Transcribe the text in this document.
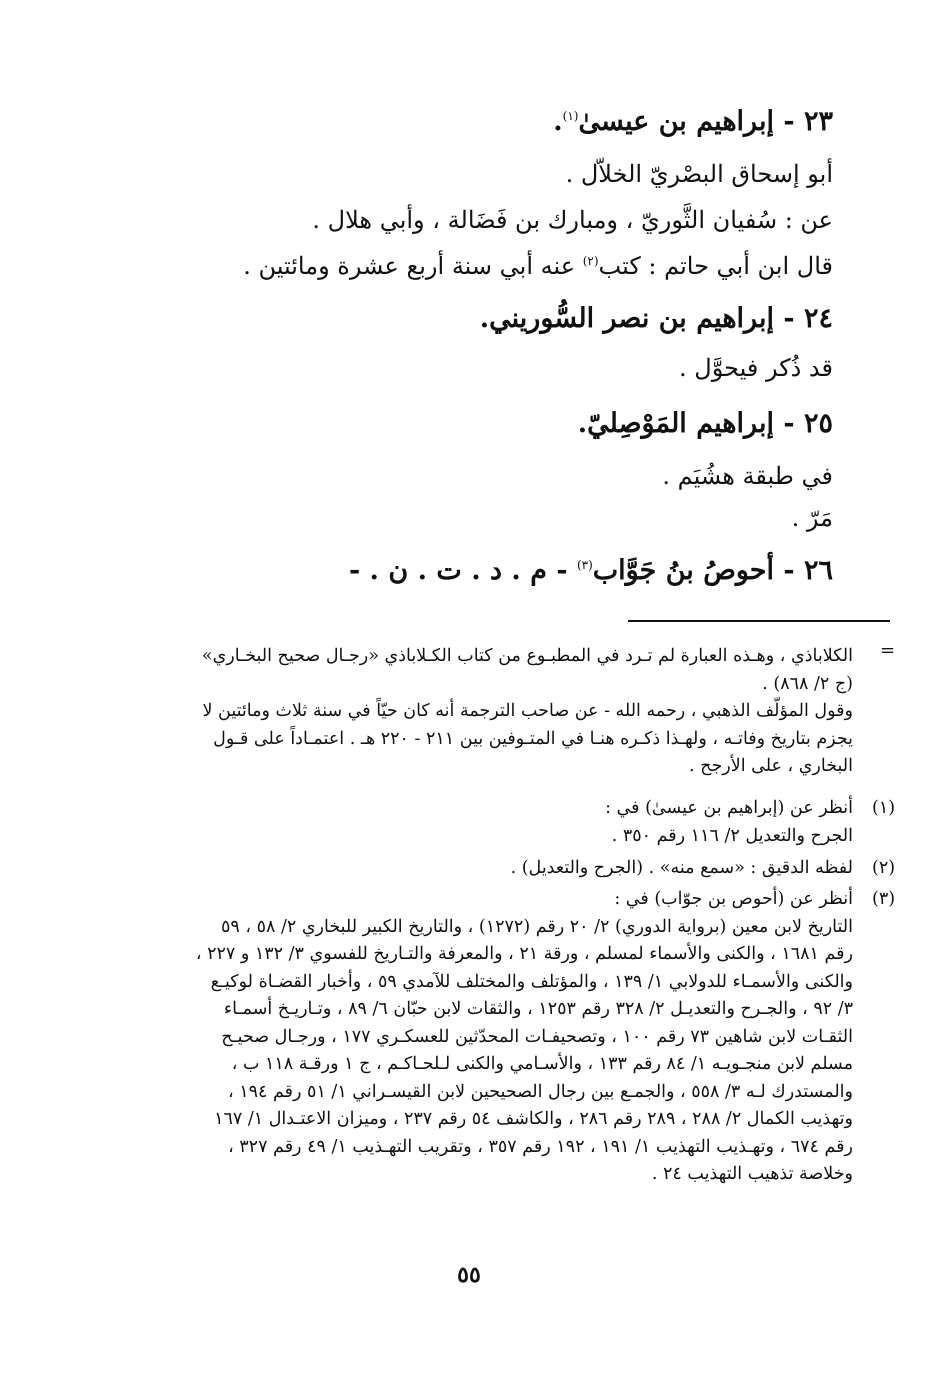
٢٣ - إبراهيم بن عيسىٰ$^{(١)}$.
أبو إسحاق البصْريّ الخلاّل .
عن : سُفيان الثَّوريّ ، ومبارك بن فَضَالة ، وأبي هلال .
قال ابن أبي حاتم : كتب$^{(٢)}$ عنه أبي سنة أربع عشرة ومائتين .
٢٤ - إبراهيم بن نصر السُّوريني.
قد ذُكر فيحوَّل .
٢٥ - إبراهيم المَوْصِليّ.
في طبقة هشُيَم .
مَرّ .
٢٦ - أحوصُ بنُ جَوَّاب$^{(٣)}$ - م . د . ت . ن . -
=
الكلاباذي ، وهـذه العبارة لم تـرد في المطبـوع من كتاب الكـلاباذي «رجـال صحيح البخـاري»
(ج ٢/ ٨٦٨) .
وقول المؤلّف الذهبي ، رحمه الله - عن صاحب الترجمة أنه كان حيّاً في سنة ثلاث ومائتين لا
يجزم بتاريخ وفاتـه ، ولهـذا ذكـره هنـا في المتـوفين بين ٢١١ - ٢٢٠ هـ . اعتمـاداً على قـول
البخاري ، على الأرجح .
(١)
أنظر عن (إبراهيم بن عيسىٰ) في :
الجرح والتعديل ٢/ ١١٦ رقم ٣٥٠ .
(٢)
لفظه الدقيق : «سمع منه» . (الجرح والتعديل) .
(٣)
أنظر عن (أحوص بن جوّاب) في :
التاريخ لابن معين (برواية الدوري) ٢/ ٢٠ رقم (١٢٧٢) ، والتاريخ الكبير للبخاري ٢/ ٥٨ ، ٥٩
رقم ١٦٨١ ، والكنى والأسماء لمسلم ، ورقة ٢١ ، والمعرفة والتـاريخ للفسوي ٣/ ١٣٢ و ٢٢٧ ،
والكنى والأسمـاء للدولابي ١/ ١٣٩ ، والمؤتلف والمختلف للآمدي ٥٩ ، وأخبار القضـاة لوكيـع
٣/ ٩٢ ، والجـرح والتعديـل ٢/ ٣٢٨ رقم ١٢٥٣ ، والثقات لابن حبّان ٦/ ٨٩ ، وتـاريـخ أسمـاء
الثقـات لابن شاهين ٧٣ رقم ١٠٠ ، وتصحيفـات المحدّثين للعسكـري ١٧٧ ، ورجـال صحيـح
مسلم لابن منجـويـه ١/ ٨٤ رقم ١٣٣ ، والأسـامي والكنى لـلحـاكـم ، ج ١ ورقـة ١١٨ ب ،
والمستدرك لـه ٣/ ٥٥٨ ، والجمـع بين رجال الصحيحين لابن القيسـراني ١/ ٥١ رقم ١٩٤ ،
وتهذيب الكمال ٢/ ٢٨٨ ، ٢٨٩ رقم ٢٨٦ ، والكاشف ٥٤ رقم ٢٣٧ ، وميزان الاعتـدال ١/ ١٦٧
رقم ٦٧٤ ، وتهـذيب التهذيب ١/ ١٩١ ، ١٩٢ رقم ٣٥٧ ، وتقريب التهـذيب ١/ ٤٩ رقم ٣٢٧ ،
وخلاصة تذهيب التهذيب ٢٤ .
٥٥
